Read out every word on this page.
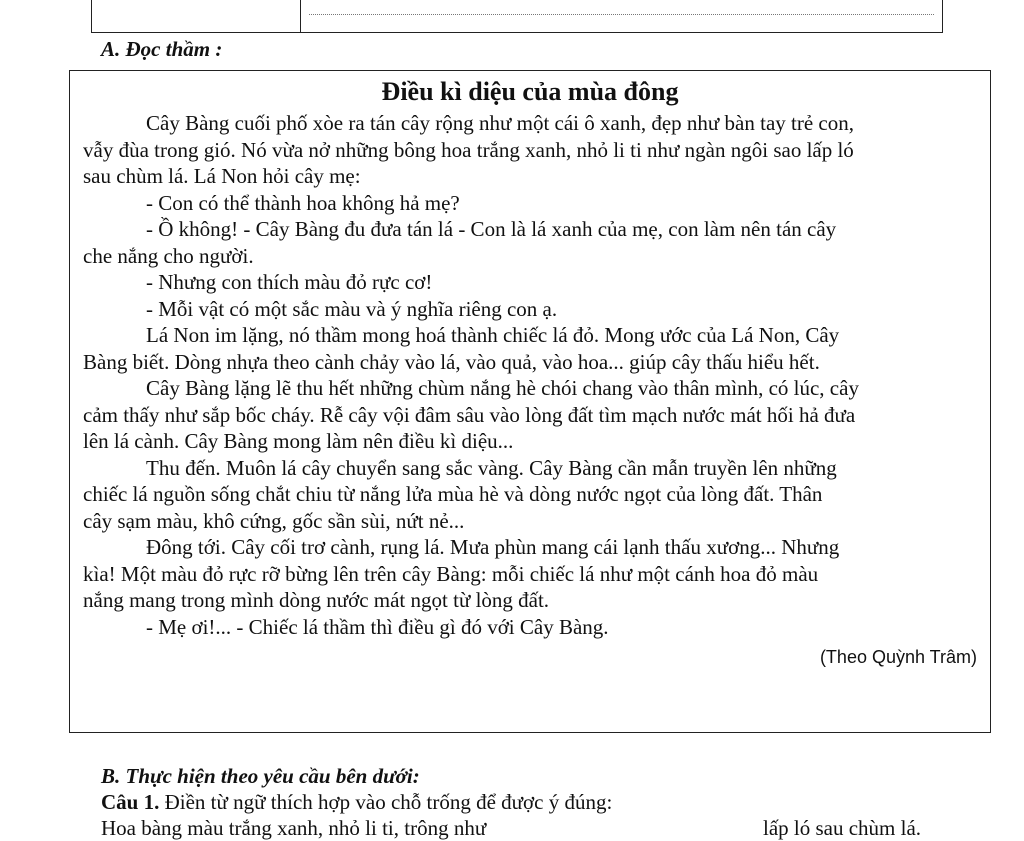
A. Đọc thầm :
Điều kì diệu của mùa đông
Cây Bàng cuối phố xòe ra tán cây rộng như một cái ô xanh, đẹp như bàn tay trẻ con,
vẫy đùa trong gió. Nó vừa nở những bông hoa trắng xanh, nhỏ li ti như ngàn ngôi sao lấp ló
sau chùm lá. Lá Non hỏi cây mẹ:
- Con có thể thành hoa không hả mẹ?
- Ồ không! - Cây Bàng đu đưa tán lá - Con là lá xanh của mẹ, con làm nên tán cây
che nắng cho người.
- Nhưng con thích màu đỏ rực cơ!
- Mỗi vật có một sắc màu và ý nghĩa riêng con ạ.
Lá Non im lặng, nó thầm mong hoá thành chiếc lá đỏ. Mong ước của Lá Non, Cây
Bàng biết. Dòng nhựa theo cành chảy vào lá, vào quả, vào hoa... giúp cây thấu hiểu hết.
Cây Bàng lặng lẽ thu hết những chùm nắng hè chói chang vào thân mình, có lúc, cây
cảm thấy như sắp bốc cháy. Rễ cây vội đâm sâu vào lòng đất tìm mạch nước mát hối hả đưa
lên lá cành. Cây Bàng mong làm nên điều kì diệu...
Thu đến. Muôn lá cây chuyển sang sắc vàng. Cây Bàng cần mẫn truyền lên những
chiếc lá nguồn sống chắt chiu từ nắng lửa mùa hè và dòng nước ngọt của lòng đất. Thân
cây sạm màu, khô cứng, gốc sần sùi, nứt nẻ...
Đông tới. Cây cối trơ cành, rụng lá. Mưa phùn mang cái lạnh thấu xương... Nhưng
kìa! Một màu đỏ rực rỡ bừng lên trên cây Bàng: mỗi chiếc lá như một cánh hoa đỏ màu
nắng mang trong mình dòng nước mát ngọt từ lòng đất.
- Mẹ ơi!... - Chiếc lá thầm thì điều gì đó với Cây Bàng.
(Theo Quỳnh Trâm)
B. Thực hiện theo yêu cầu bên dưới:
Câu 1. Điền từ ngữ thích hợp vào chỗ trống để được ý đúng:
Hoa bàng màu trắng xanh, nhỏ li ti, trông như	lấp ló sau chùm lá.
